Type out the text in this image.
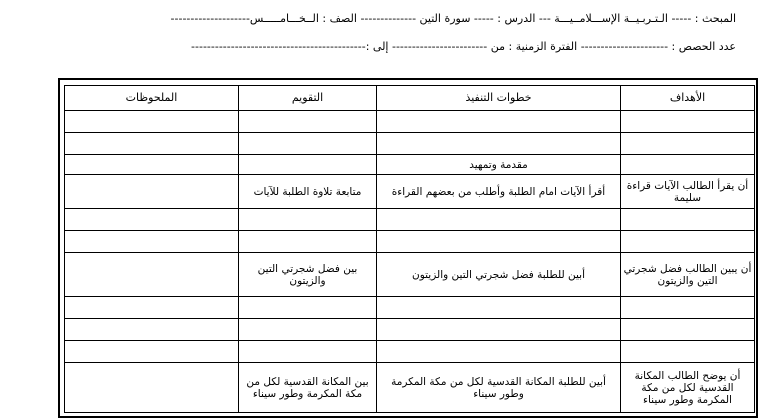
المبحث : ----- الـتـربـيــة الإســـلامــيـــة --- الدرس : ----- سورة التين -------------- الصف : الــخـــامـــــس--------------------
عدد الحصص : ---------------------- الفترة الزمنية : من ------------------------ إلى :--------------------------------------------
الأهداف	خطوات التنفيذ	التقويم	الملحوظات

	مقدمة وتمهيد		
أن يقرأ الطالب الآيات قراءة سليمة	أقرأ الآيات امام الطلبة وأطلب من بعضهم القراءة	متابعة تلاوة الطلبة للآيات	

أن يبين الطالب فضل شجرتي التين والزيتون	أبين للطلبة فضل شجرتي التين والزيتون	بين فضل شجرتي التين والزيتون	

أن يوضح الطالب المكانة القدسية لكل من مكة المكرمة وطور سيناء	أبين للطلبة المكانة القدسية لكل من مكة المكرمة وطور سيناء	بين المكانة القدسية لكل من مكة المكرمة وطور سيناء	
